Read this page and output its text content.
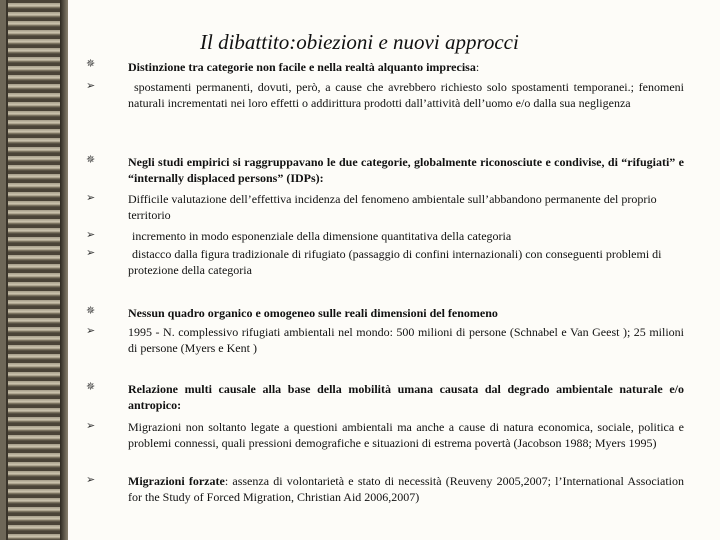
Il dibattito:obiezioni e nuovi approcci
✵	Distinzione tra categorie non facile e nella realtà alquanto imprecisa:
➢	spostamenti permanenti, dovuti, però, a cause che avrebbero richiesto solo spostamenti temporanei.; fenomeni naturali incrementati nei loro effetti o addirittura prodotti dall’attività dell’uomo e/o dalla sua negligenza
✵	Negli studi empirici si raggruppavano le due categorie, globalmente riconosciute e condivise, di “rifugiati” e “internally displaced persons” (IDPs):
➢	Difficile valutazione dell’effettiva incidenza del fenomeno ambientale sull’abbandono permanente del proprio territorio
➢	incremento in modo esponenziale della dimensione quantitativa della categoria
➢	distacco dalla figura tradizionale di rifugiato (passaggio di confini internazionali) con conseguenti problemi di protezione della categoria
✵	Nessun quadro organico e omogeneo sulle reali dimensioni del fenomeno
➢	1995 - N. complessivo rifugiati ambientali nel mondo: 500 milioni di persone (Schnabel e Van Geest ); 25 milioni di persone (Myers e Kent )
✵	Relazione multi causale alla base della mobilità umana causata dal degrado ambientale naturale e/o antropico:
➢	Migrazioni non soltanto legate a questioni ambientali ma anche a cause di natura economica, sociale, politica e problemi connessi, quali pressioni demografiche e situazioni di estrema povertà (Jacobson 1988; Myers 1995)
➢	Migrazioni forzate: assenza di volontarietà e stato di necessità (Reuveny 2005,2007; l’International Association for the Study of Forced Migration, Christian Aid 2006,2007)
